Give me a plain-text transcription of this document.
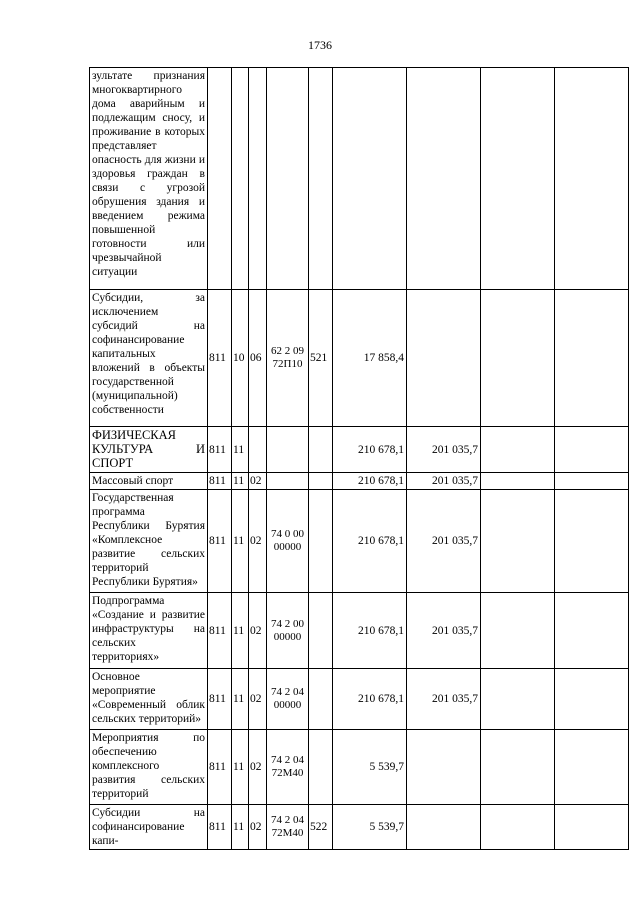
1736
зультате признания многоквартирного дома аварийным и подлежащим сносу, и проживание в которых представляет опасность для жизни и здоровья граждан в связи с угрозой обрушения здания и введением режима повышенной готовности или чрезвычайной ситуации									
Субсидии, за исключением субсидий на софинансирование капитальных вложений в объекты государственной (муниципальной) собственности	811	10	06	62 2 09 72П10	521	17 858,4			
ФИЗИЧЕСКАЯ КУЛЬТУРА И СПОРТ	811	11				210 678,1	201 035,7		
Массовый спорт	811	11	02			210 678,1	201 035,7		
Государственная программа Республики Бурятия «Комплексное развитие сельских территорий Республики Бурятия»	811	11	02	74 0 00 00000		210 678,1	201 035,7		
Подпрограмма «Создание и развитие инфраструктуры на сельских территориях»	811	11	02	74 2 00 00000		210 678,1	201 035,7		
Основное мероприятие «Современный облик сельских территорий»	811	11	02	74 2 04 00000		210 678,1	201 035,7		
Мероприятия по обеспечению комплексного развития сельских территорий	811	11	02	74 2 04 72M40		5 539,7			
Субсидии на софинансирование капи-	811	11	02	74 2 04 72M40	522	5 539,7			
